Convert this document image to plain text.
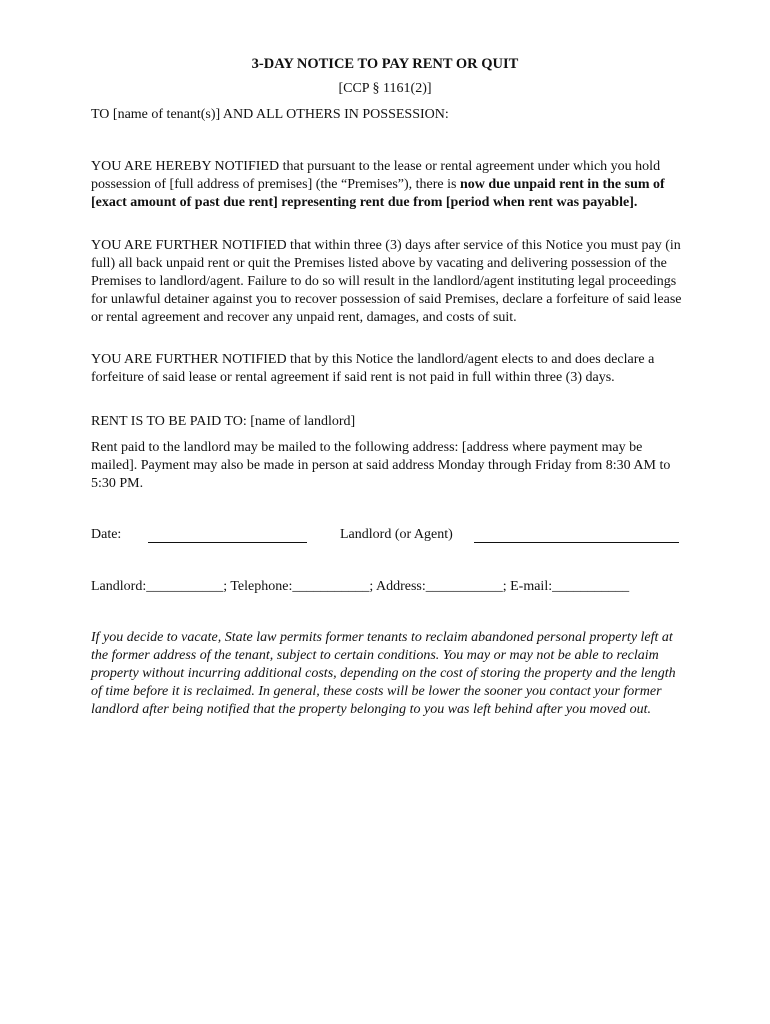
3-DAY NOTICE TO PAY RENT OR QUIT
[CCP § 1161(2)]
TO [name of tenant(s)] AND ALL OTHERS IN POSSESSION:
YOU ARE HEREBY NOTIFIED that pursuant to the lease or rental agreement under which you hold possession of [full address of premises] (the “Premises”), there is now due unpaid rent in the sum of [exact amount of past due rent] representing rent due from [period when rent was payable].
YOU ARE FURTHER NOTIFIED that within three (3) days after service of this Notice you must pay (in full) all back unpaid rent or quit the Premises listed above by vacating and delivering possession of the Premises to landlord/agent. Failure to do so will result in the landlord/agent instituting legal proceedings for unlawful detainer against you to recover possession of said Premises, declare a forfeiture of said lease or rental agreement and recover any unpaid rent, damages, and costs of suit.
YOU ARE FURTHER NOTIFIED that by this Notice the landlord/agent elects to and does declare a forfeiture of said lease or rental agreement if said rent is not paid in full within three (3) days.
RENT IS TO BE PAID TO: [name of landlord]
Rent paid to the landlord may be mailed to the following address: [address where payment may be mailed]. Payment may also be made in person at said address Monday through Friday from 8:30 AM to 5:30 PM.
Date:	Landlord (or Agent)
Landlord:___________; Telephone:___________; Address:___________; E-mail:___________
If you decide to vacate, State law permits former tenants to reclaim abandoned personal property left at the former address of the tenant, subject to certain conditions. You may or may not be able to reclaim property without incurring additional costs, depending on the cost of storing the property and the length of time before it is reclaimed. In general, these costs will be lower the sooner you contact your former landlord after being notified that the property belonging to you was left behind after you moved out.
